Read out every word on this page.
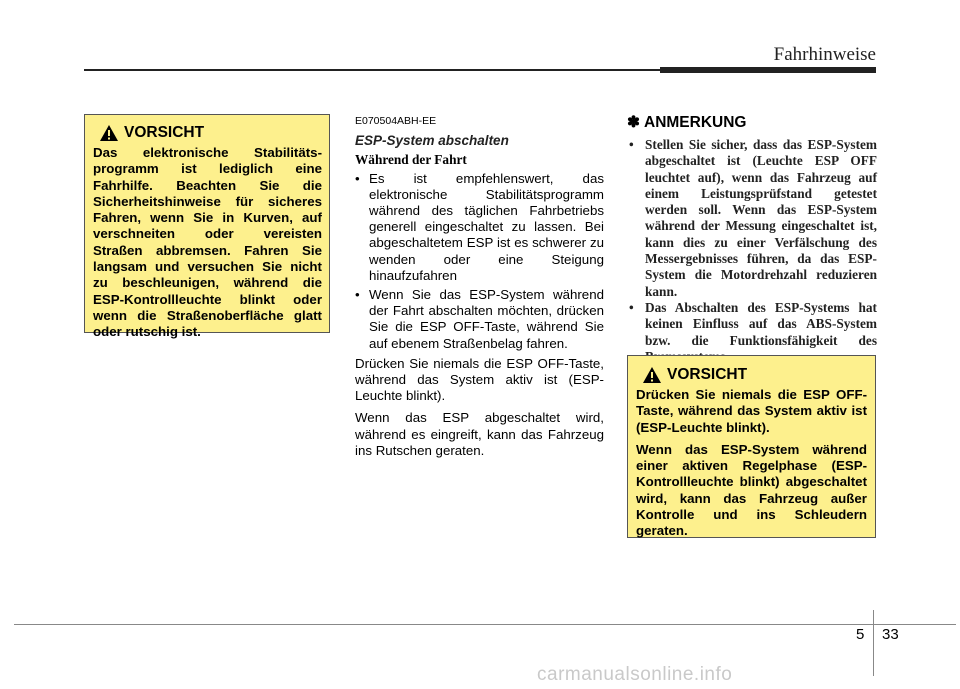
Fahrhinweise
VORSICHT

Das elektronische Stabilitäts-programm ist lediglich eine Fahrhilfe. Beachten Sie die Sicherheitshinweise für sicheres Fahren, wenn Sie in Kurven, auf verschneiten oder vereisten Straßen abbremsen. Fahren Sie langsam und versuchen Sie nicht zu beschleunigen, während die ESP-Kontrollleuchte blinkt oder wenn die Straßenoberfläche glatt oder rutschig ist.

E070504ABH-EE
ESP-System abschalten
Während der Fahrt
• Es ist empfehlenswert, das elektronische Stabilitätsprogramm während des täglichen Fahrbetriebs generell eingeschaltet zu lassen. Bei abgeschaltetem ESP ist es schwerer zu wenden oder eine Steigung hinaufzufahren
• Wenn Sie das ESP-System während der Fahrt abschalten möchten, drücken Sie die ESP OFF-Taste, während Sie auf ebenem Straßenbelag fahren.

Drücken Sie niemals die ESP OFF-Taste, während das System aktiv ist (ESP-Leuchte blinkt).

Wenn das ESP abgeschaltet wird, während es eingreift, kann das Fahrzeug ins Rutschen geraten.

✽ ANMERKUNG
• Stellen Sie sicher, dass das ESP-System abgeschaltet ist (Leuchte ESP OFF leuchtet auf), wenn das Fahrzeug auf einem Leistungsprüfstand getestet werden soll. Wenn das ESP-System während der Messung eingeschaltet ist, kann dies zu einer Verfälschung des Messergebnisses führen, da das ESP-System die Motordrehzahl reduzieren kann.
• Das Abschalten des ESP-Systems hat keinen Einfluss auf das ABS-System bzw. die Funktionsfähigkeit des
VORSICHT

Drücken Sie niemals die ESP OFF-Taste, während das System aktiv ist (ESP-Leuchte blinkt).

Wenn das ESP-System während einer aktiven Regelphase (ESP-Kontrollleuchte blinkt) abgeschaltet wird, kann das Fahrzeug außer Kontrolle und ins Schleudern geraten.

5 33
carmanualsonline.info
